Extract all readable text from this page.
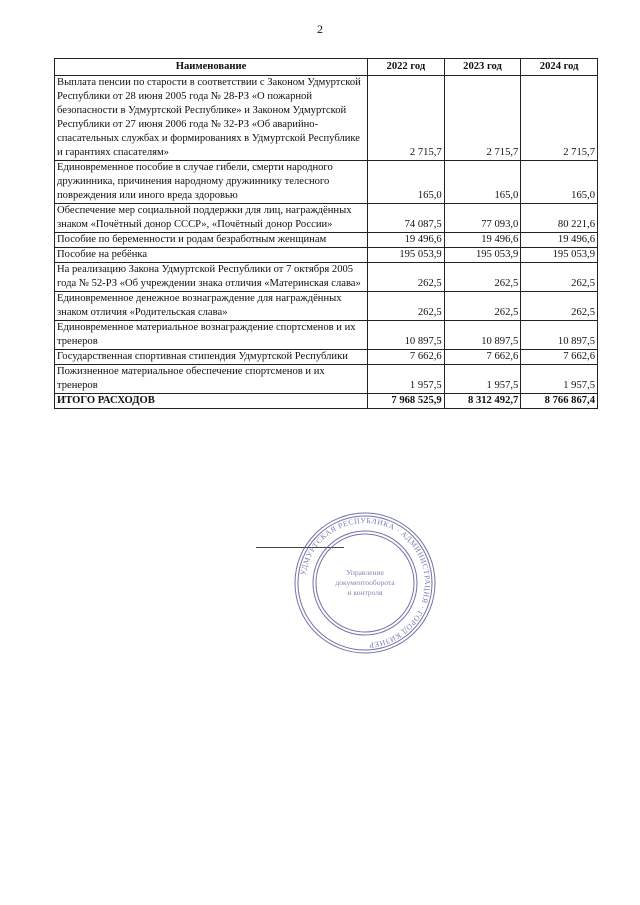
2
Наименование	2022 год	2023 год	2024 год
Выплата пенсии по старости в соответствии с Законом Удмуртской Республики от 28 июня 2005 года № 28-РЗ «О пожарной безопасности в Удмуртской Республике» и Законом Удмуртской Республики от 27 июня 2006 года № 32-РЗ «Об аварийно-спасательных службах и формированиях в Удмуртской Республике и гарантиях спасателям»	2 715,7	2 715,7	2 715,7
Единовременное пособие в случае гибели, смерти народного дружинника, причинения народному дружиннику телесного повреждения или иного вреда здоровью	165,0	165,0	165,0
Обеспечение мер социальной поддержки для лиц, награждённых знаком «Почётный донор СССР», «Почётный донор России»	74 087,5	77 093,0	80 221,6
Пособие по беременности и родам безработным женщинам	19 496,6	19 496,6	19 496,6
Пособие на ребёнка	195 053,9	195 053,9	195 053,9
На реализацию Закона Удмуртской Республики от 7 октября 2005 года № 52-РЗ «Об учреждении знака отличия «Материнская слава»	262,5	262,5	262,5
Единовременное денежное вознаграждение для награждённых знаком отличия «Родительская слава»	262,5	262,5	262,5
Единовременное материальное вознаграждение спортсменов и их тренеров	10 897,5	10 897,5	10 897,5
Государственная спортивная стипендия Удмуртской Республики	7 662,6	7 662,6	7 662,6
Пожизненное материальное обеспечение спортсменов и их тренеров	1 957,5	1 957,5	1 957,5
ИТОГО РАСХОДОВ	7 968 525,9	8 312 492,7	8 766 867,4
УДМУРТСКАЯ РЕСПУБЛИКА · АДМИНИСТРАЦИЯ · ГОРОД КИЗНЕР
Управление
документооборота
и контроля
